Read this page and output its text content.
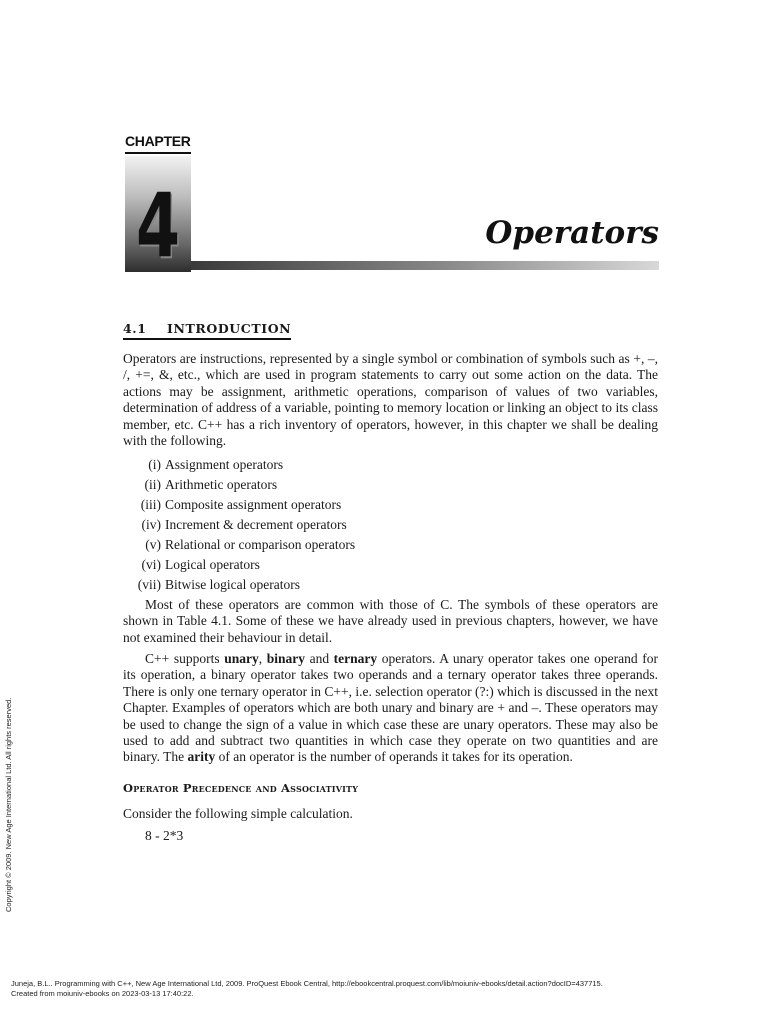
CHAPTER
4	Operators
4.1 INTRODUCTION
Operators are instructions, represented by a single symbol or combination of symbols such as +, –, /, +=, &, etc., which are used in program statements to carry out some action on the data. The actions may be assignment, arithmetic operations, comparison of values of two variables, determination of address of a variable, pointing to memory location or linking an object to its class member, etc. C++ has a rich inventory of operators, however, in this chapter we shall be dealing with the following.
(i) Assignment operators
(ii) Arithmetic operators
(iii) Composite assignment operators
(iv) Increment & decrement operators
(v) Relational or comparison operators
(vi) Logical operators
(vii) Bitwise logical operators
Most of these operators are common with those of C. The symbols of these operators are shown in Table 4.1. Some of these we have already used in previous chapters, however, we have not examined their behaviour in detail.
C++ supports unary, binary and ternary operators. A unary operator takes one operand for its operation, a binary operator takes two operands and a ternary operator takes three operands. There is only one ternary operator in C++, i.e. selection operator (?:) which is discussed in the next Chapter. Examples of operators which are both unary and binary are + and –. These operators may be used to change the sign of a value in which case these are unary operators. These may also be used to add and subtract two quantities in which case they operate on two quantities and are binary. The arity of an operator is the number of operands it takes for its operation.
Operator Precedence and Associativity
Consider the following simple calculation.
8 - 2*3
Copyright © 2009. New Age International Ltd. All rights reserved.
Juneja, B.L.. Programming with C++, New Age International Ltd, 2009. ProQuest Ebook Central, http://ebookcentral.proquest.com/lib/moiuniv-ebooks/detail.action?docID=437715.
Created from moiuniv-ebooks on 2023-03-13 17:40:22.
